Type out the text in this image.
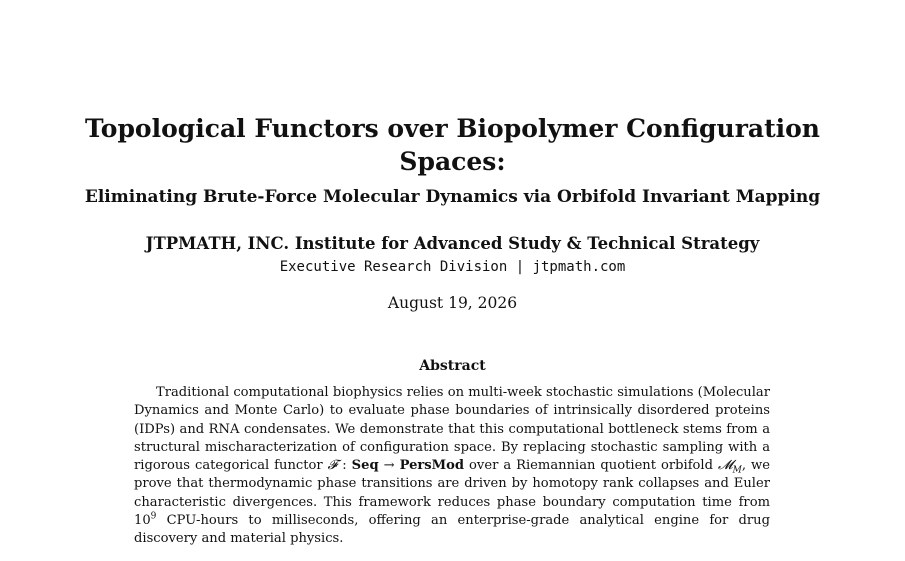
Topological Functors over Biopolymer Configuration Spaces:
Eliminating Brute-Force Molecular Dynamics via Orbifold Invariant Mapping
JTPMATH, INC. Institute for Advanced Study & Technical Strategy
Executive Research Division | jtpmath.com
August 19, 2026
Abstract

Traditional computational biophysics relies on multi-week stochastic simulations (Molecular Dynamics and Monte Carlo) to evaluate phase boundaries of intrinsically disordered proteins (IDPs) and RNA condensates. We demonstrate that this computational bottleneck stems from a structural mischaracterization of configuration space. By replacing stochastic sampling with a rigorous categorical functor 𝓕 : Seq → PersMod over a Riemannian quotient orbifold 𝓜$_M$, we prove that thermodynamic phase transitions are driven by homotopy rank collapses and Euler characteristic divergences. This framework reduces phase boundary computation time from $10^9$ CPU-hours to milliseconds, offering an enterprise-grade analytical engine for drug discovery and material physics.
